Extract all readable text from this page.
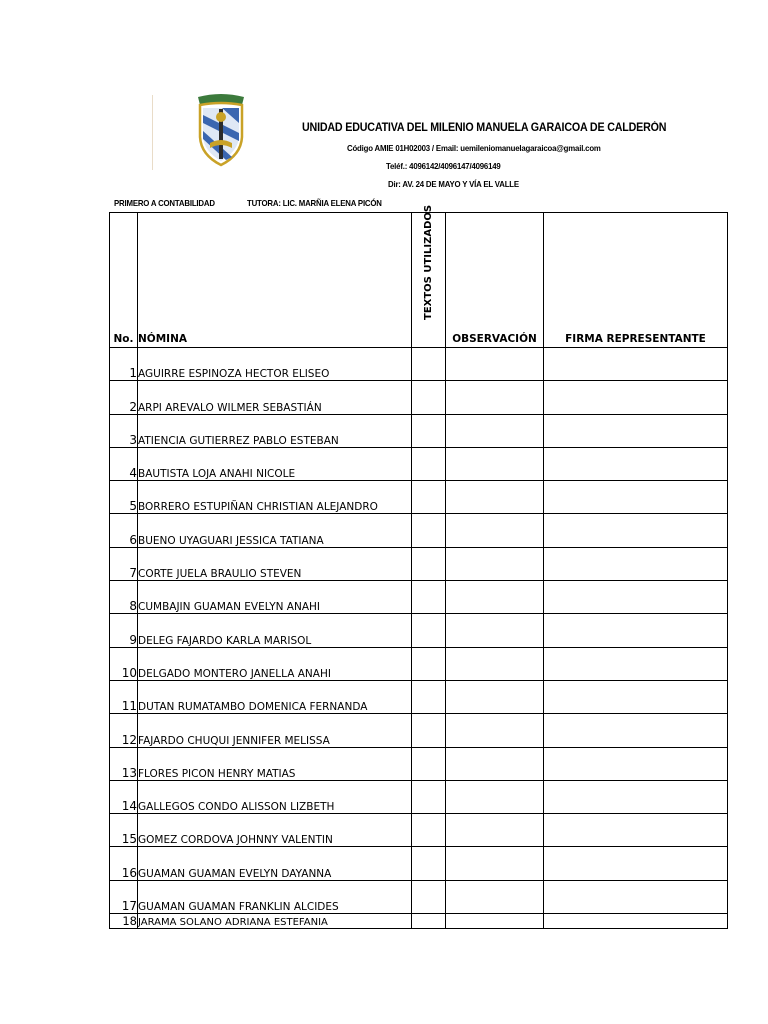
UNIDAD EDUCATIVA DEL MILENIO MANUELA GARAICOA DE CALDERÓN
Código AMIE 01H02003 / Email: uemileniomanuelagaraicoa@gmail.com
Teléf.: 4096142/4096147/4096149
Dir: AV. 24 DE MAYO Y VÍA EL VALLE
PRIMERO A CONTABILIDAD	TUTORA: LIC. MARÑIA ELENA PICÓN
No.	NÓMINA	TEXTOS UTILIZADOS	OBSERVACIÓN	FIRMA REPRESENTANTE
1	AGUIRRE ESPINOZA HECTOR ELISEO			
2	ARPI AREVALO WILMER SEBASTIÁN			
3	ATIENCIA GUTIERREZ PABLO ESTEBAN			
4	BAUTISTA LOJA ANAHI NICOLE			
5	BORRERO ESTUPIÑAN CHRISTIAN ALEJANDRO			
6	BUENO UYAGUARI JESSICA TATIANA			
7	CORTE JUELA BRAULIO STEVEN			
8	CUMBAJIN GUAMAN EVELYN ANAHI			
9	DELEG FAJARDO KARLA MARISOL			
10	DELGADO MONTERO JANELLA ANAHI			
11	DUTAN RUMATAMBO DOMENICA FERNANDA			
12	FAJARDO CHUQUI JENNIFER MELISSA			
13	FLORES PICON HENRY MATIAS			
14	GALLEGOS CONDO ALISSON LIZBETH			
15	GOMEZ CORDOVA JOHNNY VALENTIN			
16	GUAMAN GUAMAN EVELYN DAYANNA			
17	GUAMAN GUAMAN FRANKLIN ALCIDES			
18	JARAMA SOLANO ADRIANA ESTEFANIA			
